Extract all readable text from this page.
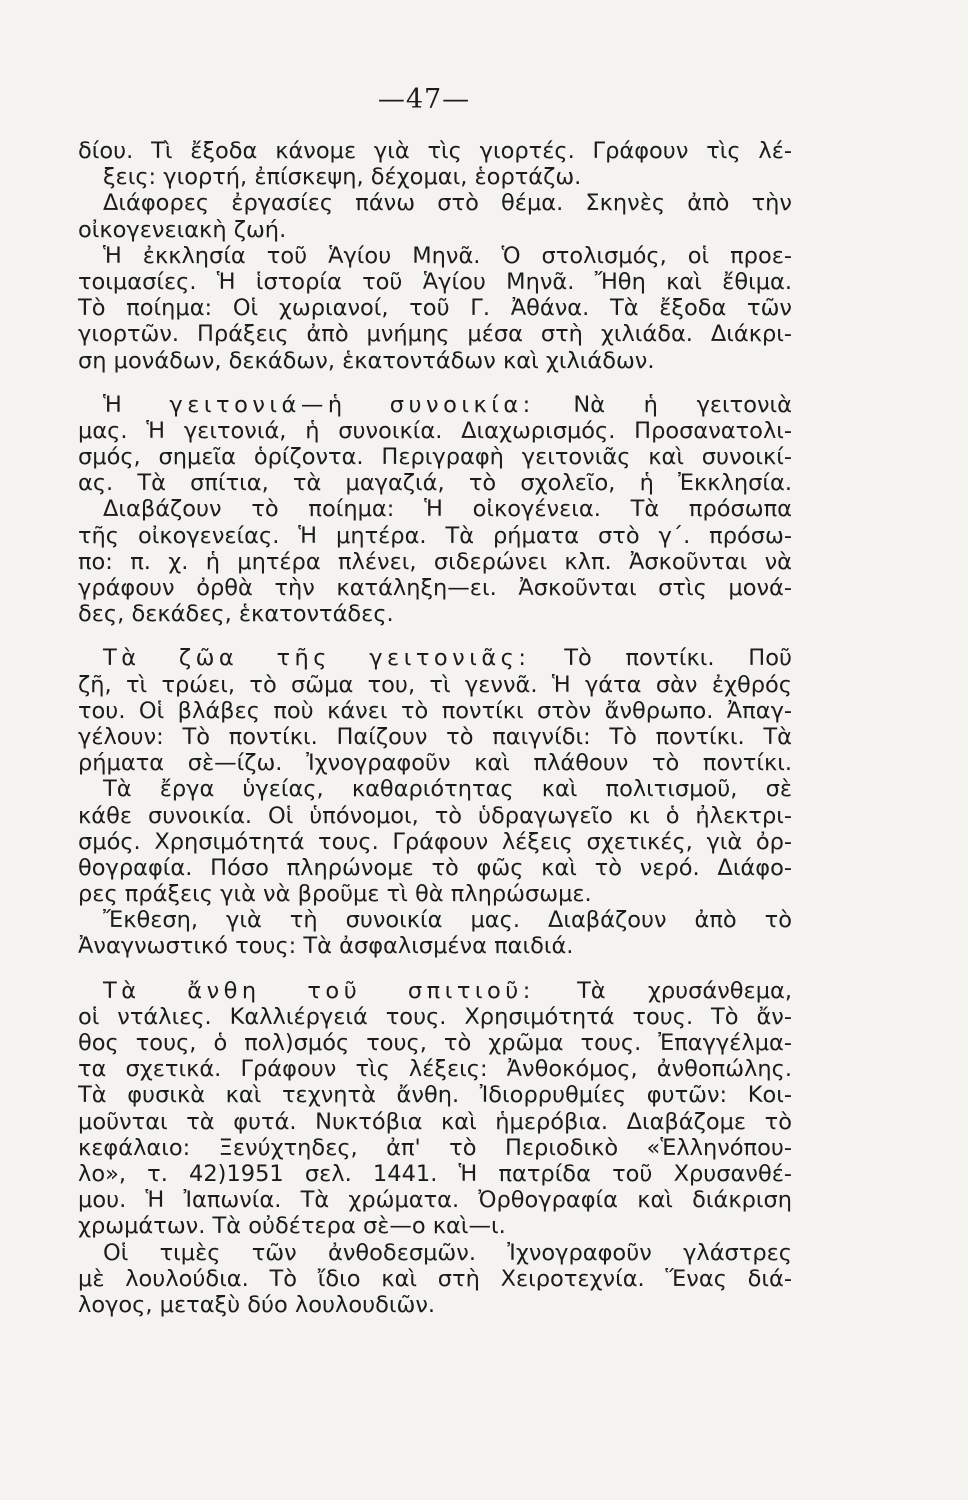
—47—
δίου. Τὶ ἔξοδα κάνομε γιὰ τὶς γιορτές. Γράφουν τὶς λέ-
ξεις: γιορτή, ἐπίσκεψη, δέχομαι, ἑορτάζω.
Διάφορες ἐργασίες πάνω στὸ θέμα. Σκηνὲς ἀπὸ τὴν
οἰκογενειακὴ ζωή.
Ἡ ἐκκλησία τοῦ Ἁγίου Μηνᾶ. Ὁ στολισμός, οἱ προε-
τοιμασίες. Ἡ ἱστορία τοῦ Ἁγίου Μηνᾶ. Ἤθη καὶ ἔθιμα.
Τὸ ποίημα: Οἱ χωριανοί, τοῦ Γ. Ἀθάνα. Τὰ ἔξοδα τῶν
γιορτῶν. Πράξεις ἀπὸ μνήμης μέσα στὴ χιλιάδα. Διάκρι-
ση μονάδων, δεκάδων, ἑκατοντάδων καὶ χιλιάδων.
Ἡ γειτονιά—ἡ συνοικία: Νὰ ἡ γειτονιὰ
μας. Ἡ γειτονιά, ἡ συνοικία. Διαχωρισμός. Προσανατολι-
σμός, σημεῖα ὁρίζοντα. Περιγραφὴ γειτονιᾶς καὶ συνοικί-
ας. Τὰ σπίτια, τὰ μαγαζιά, τὸ σχολεῖο, ἡ Ἐκκλησία.
Διαβάζουν τὸ ποίημα: Ἡ οἰκογένεια. Τὰ πρόσωπα
τῆς οἰκογενείας. Ἡ μητέρα. Τὰ ρήματα στὸ γ΄. πρόσω-
πο: π. χ. ἡ μητέρα πλένει, σιδερώνει κλπ. Ἀσκοῦνται νὰ
γράφουν ὀρθὰ τὴν κατάληξη—ει. Ἀσκοῦνται στὶς μονά-
δες, δεκάδες, ἑκατοντάδες.
Τὰ ζῶα τῆς γειτονιᾶς: Τὸ ποντίκι. Ποῦ
ζῆ, τὶ τρώει, τὸ σῶμα του, τὶ γεννᾶ. Ἡ γάτα σὰν ἐχθρός
του. Οἱ βλάβες ποὺ κάνει τὸ ποντίκι στὸν ἄνθρωπο. Ἀπαγ-
γέλουν: Τὸ ποντίκι. Παίζουν τὸ παιγνίδι: Τὸ ποντίκι. Τὰ
ρήματα σὲ—ίζω. Ἰχνογραφοῦν καὶ πλάθουν τὸ ποντίκι.
Τὰ ἔργα ὑγείας, καθαριότητας καὶ πολιτισμοῦ, σὲ
κάθε συνοικία. Οἱ ὑπόνομοι, τὸ ὑδραγωγεῖο κι ὁ ἠλεκτρι-
σμός. Χρησιμότητά τους. Γράφουν λέξεις σχετικές, γιὰ ὀρ-
θογραφία. Πόσο πληρώνομε τὸ φῶς καὶ τὸ νερό. Διάφο-
ρες πράξεις γιὰ νὰ βροῦμε τὶ θὰ πληρώσωμε.
Ἔκθεση, γιὰ τὴ συνοικία μας. Διαβάζουν ἀπὸ τὸ
Ἀναγνωστικό τους: Τὰ ἀσφαλισμένα παιδιά.
Τὰ ἄνθη τοῦ σπιτιοῦ: Τὰ χρυσάνθεμα,
οἱ ντάλιες. Καλλιέργειά τους. Χρησιμότητά τους. Τὸ ἄν-
θος τους, ὁ πολ)σμός τους, τὸ χρῶμα τους. Ἐπαγγέλμα-
τα σχετικά. Γράφουν τὶς λέξεις: Ἀνθοκόμος, ἀνθοπώλης.
Τὰ φυσικὰ καὶ τεχνητὰ ἄνθη. Ἰδιορρυθμίες φυτῶν: Κοι-
μοῦνται τὰ φυτά. Νυκτόβια καὶ ἡμερόβια. Διαβάζομε τὸ
κεφάλαιο: Ξενύχτηδες, ἀπ' τὸ Περιοδικὸ «Ἑλληνόπου-
λο», τ. 42)1951 σελ. 1441. Ἡ πατρίδα τοῦ Χρυσανθέ-
μου. Ἡ Ἰαπωνία. Τὰ χρώματα. Ὀρθογραφία καὶ διάκριση
χρωμάτων. Τὰ οὐδέτερα σὲ—ο καὶ—ι.
Οἱ τιμὲς τῶν ἀνθοδεσμῶν. Ἰχνογραφοῦν γλάστρες
μὲ λουλούδια. Τὸ ἴδιο καὶ στὴ Χειροτεχνία. Ἕνας διά-
λογος, μεταξὺ δύο λουλουδιῶν.
